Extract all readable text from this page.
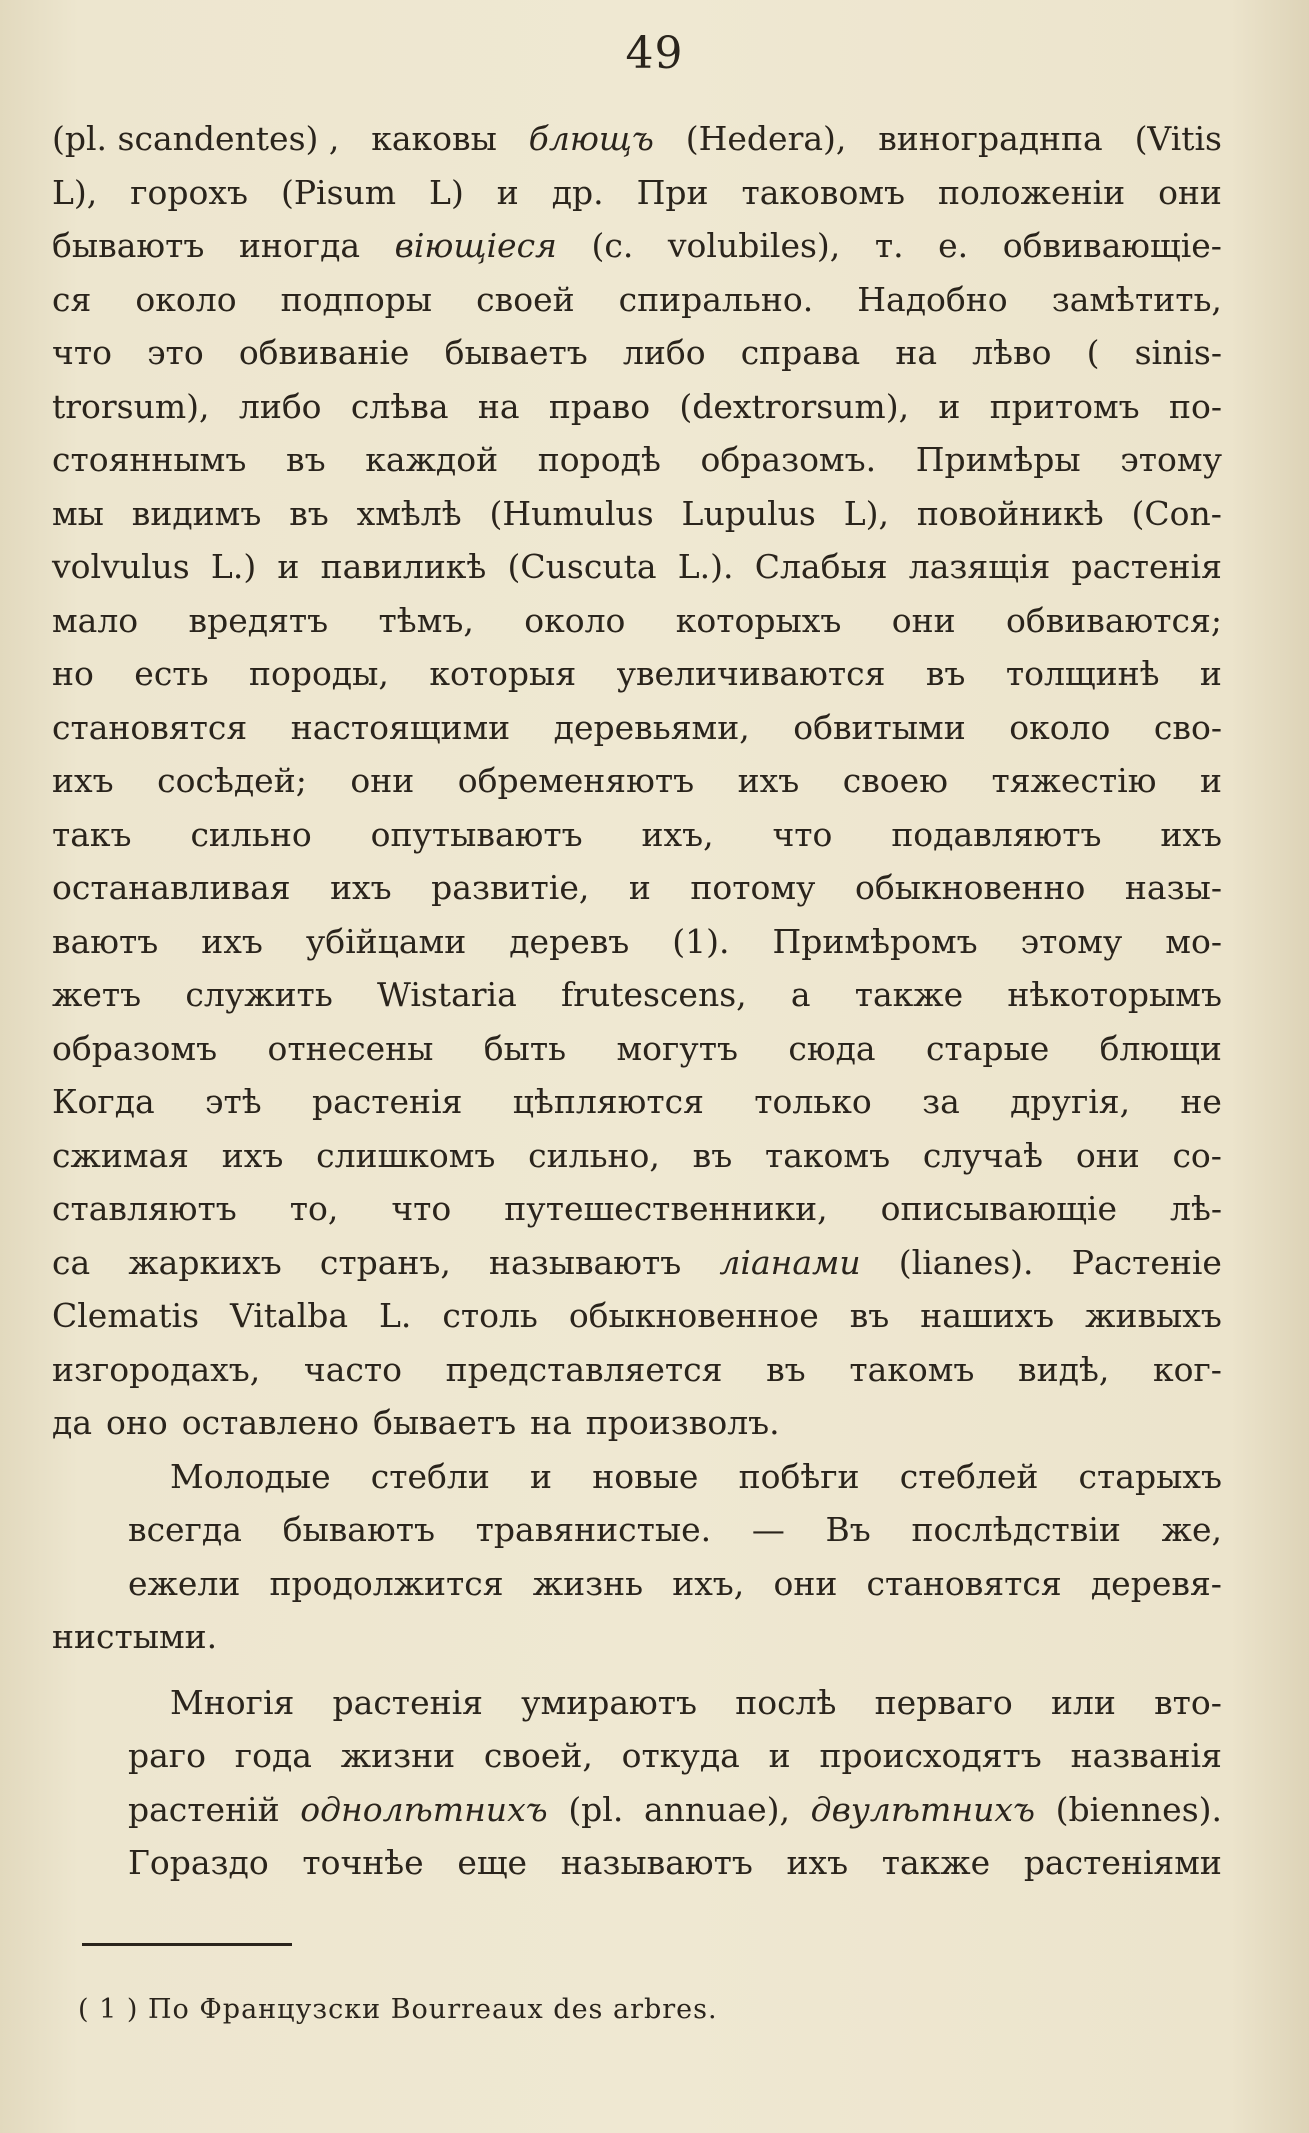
49
(pl. scandentes) , каковы блющъ (Hedera), винограднпа (Vitis
L), горохъ (Pisum L) и др. При таковомъ положенiи они
бываютъ иногда вiющiеся (c. volubiles), т. е. обвивающiе-
ся около подпоры своей спирально. Надобно замѣтить,
что это обвиванiе бываетъ либо справа на лѣво ( sinis-
trorsum), либо слѣва на право (dextrorsum), и притомъ по-
стояннымъ въ каждой породѣ образомъ. Примѣры этому
мы видимъ въ хмѣлѣ (Humulus Lupulus L), повойникѣ (Con-
volvulus L.) и павиликѣ (Cuscuta L.). Слабыя лазящiя растенiя
мало вредятъ тѣмъ, около которыхъ они обвиваются;
но есть породы, которыя увеличиваются въ толщинѣ и
становятся настоящими деревьями, обвитыми около сво-
ихъ сосѣдей; они обременяютъ ихъ своею тяжестiю и
такъ сильно опутываютъ ихъ, что подавляютъ ихъ
останавливая ихъ развитiе, и потому обыкновенно назы-
ваютъ ихъ убiйцами деревъ (1). Примѣромъ этому мо-
жетъ служить Wistaria frutescens, а также нѣкоторымъ
образомъ отнесены быть могутъ сюда старые блющи
Когда этѣ растенiя цѣпляются только за другiя, не
сжимая ихъ слишкомъ сильно, въ такомъ случаѣ они со-
ставляютъ то, что путешественники, описывающiе лѣ-
са жаркихъ странъ, называютъ лiанами (lianes). Растенiе
Clematis Vitalba L. столь обыкновенное въ нашихъ живыхъ
изгородахъ, часто представляется въ такомъ видѣ, ког-
да оно оставлено бываетъ на произволъ.
Молодые стебли и новые побѣги стеблей старыхъ
всегда бываютъ травянистые. — Въ послѣдствiи же,
ежели продолжится жизнь ихъ, они становятся деревя-
нистыми.
Многiя растенiя умираютъ послѣ перваго или вто-
раго года жизни своей, откуда и происходятъ названiя
растенiй однолѣтнихъ (pl. annuae), двулѣтнихъ (biennes).
Гораздо точнѣе еще называютъ ихъ также растенiями
( 1 ) По Французски Bourreaux des arbres.
